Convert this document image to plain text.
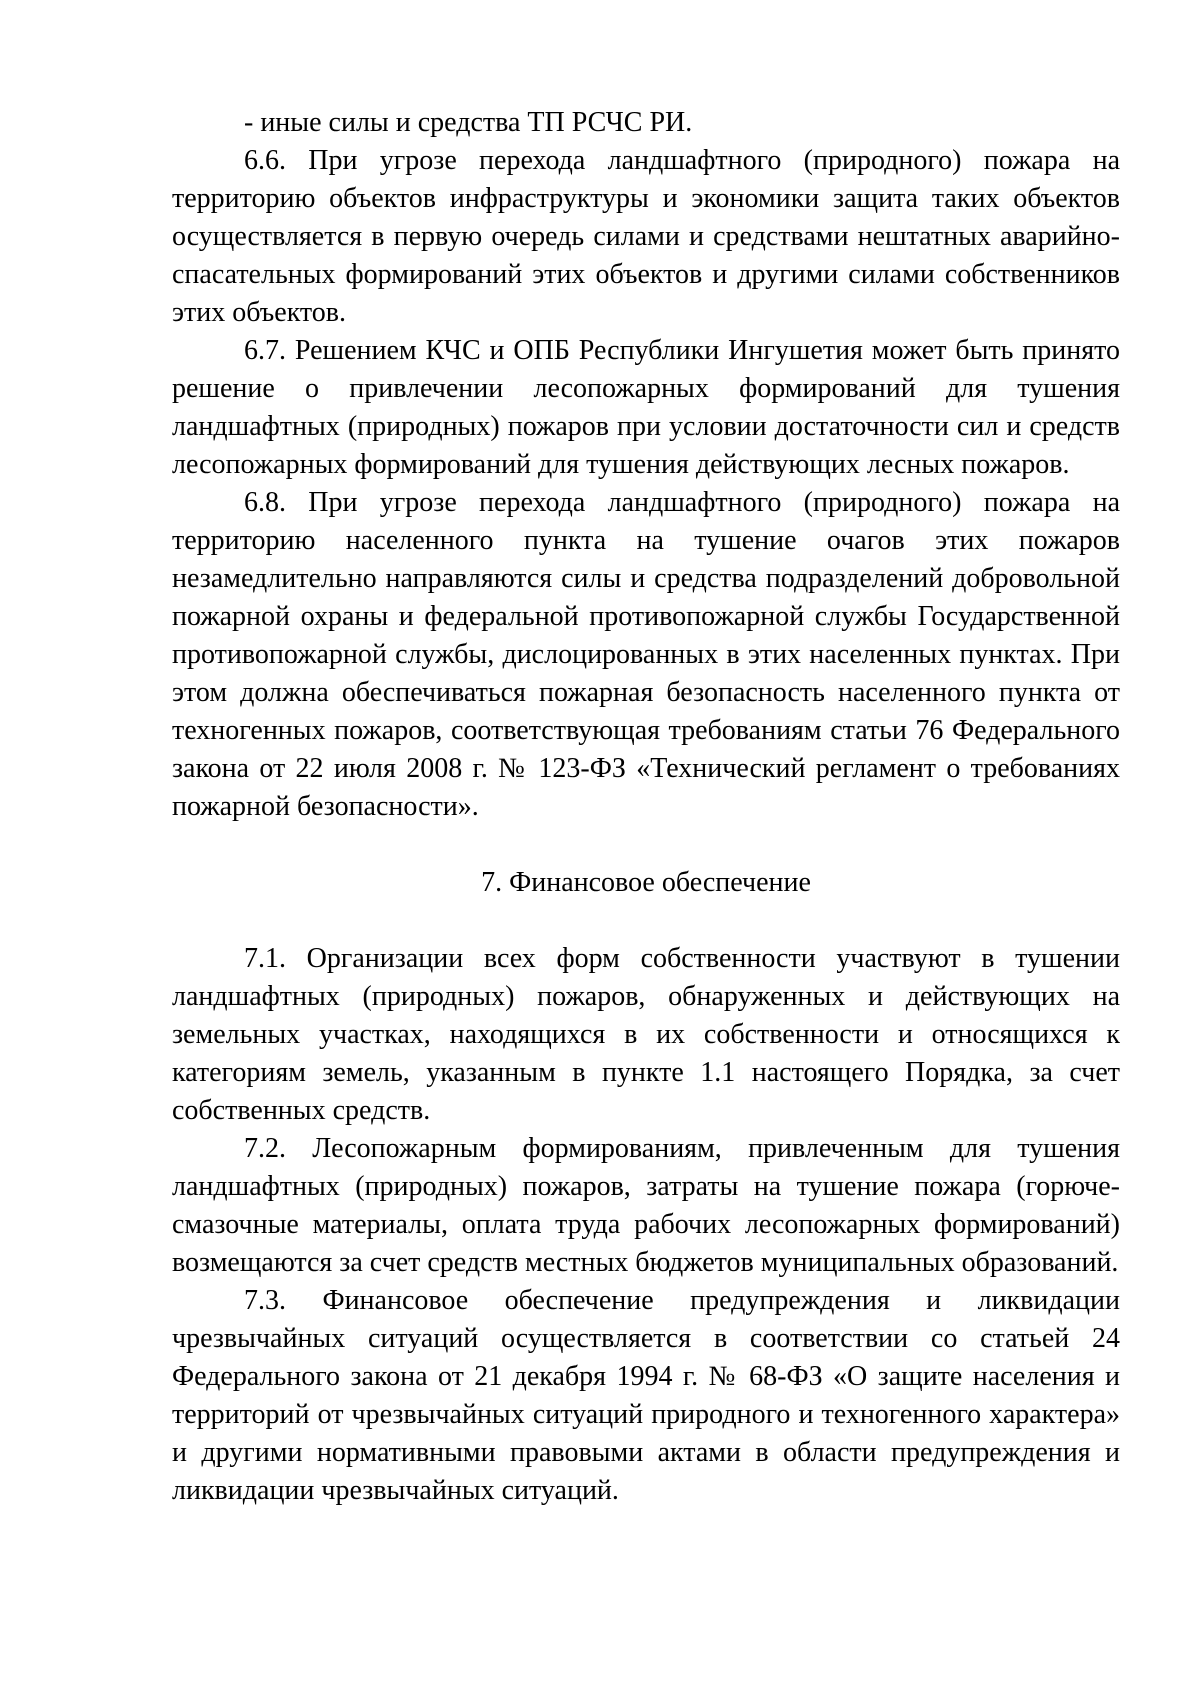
- иные силы и средства ТП РСЧС РИ.

6.6. При угрозе перехода ландшафтного (природного) пожара на территорию объектов инфраструктуры и экономики защита таких объектов осуществляется в первую очередь силами и средствами нештатных аварийно-спасательных формирований этих объектов и другими силами собственников этих объектов.

6.7. Решением КЧС и ОПБ Республики Ингушетия может быть принято решение о привлечении лесопожарных формирований для тушения ландшафтных (природных) пожаров при условии достаточности сил и средств лесопожарных формирований для тушения действующих лесных пожаров.

6.8. При угрозе перехода ландшафтного (природного) пожара на территорию населенного пункта на тушение очагов этих пожаров незамедлительно направляются силы и средства подразделений добровольной пожарной охраны и федеральной противопожарной службы Государственной противопожарной службы, дислоцированных в этих населенных пунктах. При этом должна обеспечиваться пожарная безопасность населенного пункта от техногенных пожаров, соответствующая требованиям статьи 76 Федерального закона от 22 июля 2008 г. № 123-ФЗ «Технический регламент о требованиях пожарной безопасности».

7. Финансовое обеспечение

7.1. Организации всех форм собственности участвуют в тушении ландшафтных (природных) пожаров, обнаруженных и действующих на земельных участках, находящихся в их собственности и относящихся к категориям земель, указанным в пункте 1.1 настоящего Порядка, за счет собственных средств.

7.2. Лесопожарным формированиям, привлеченным для тушения ландшафтных (природных) пожаров, затраты на тушение пожара (горюче-смазочные материалы, оплата труда рабочих лесопожарных формирований) возмещаются за счет средств местных бюджетов муниципальных образований.

7.3. Финансовое обеспечение предупреждения и ликвидации чрезвычайных ситуаций осуществляется в соответствии со статьей 24 Федерального закона от 21 декабря 1994 г. № 68-ФЗ «О защите населения и территорий от чрезвычайных ситуаций природного и техногенного характера» и другими нормативными правовыми актами в области предупреждения и ликвидации чрезвычайных ситуаций.
